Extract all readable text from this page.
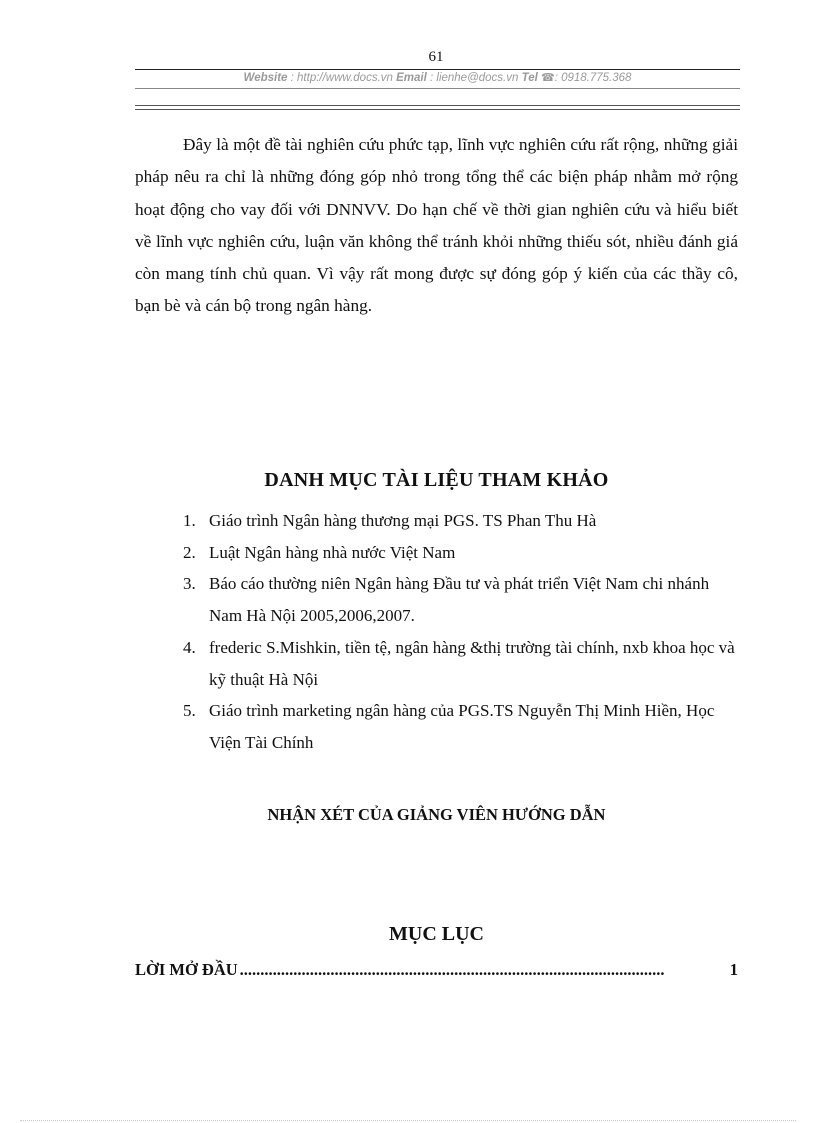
61
Website : http://www.docs.vn Email : lienhe@docs.vn Tel ☎: 0918.775.368

Đây là một đề tài nghiên cứu phức tạp, lĩnh vực nghiên cứu rất rộng, những giải pháp nêu ra chỉ là những đóng góp nhỏ trong tổng thể các biện pháp nhằm mở rộng hoạt động cho vay đối với DNNVV. Do hạn chế về thời gian nghiên cứu và hiểu biết về lĩnh vực nghiên cứu, luận văn không thể tránh khỏi những thiếu sót, nhiều đánh giá còn mang tính chủ quan. Vì vậy rất mong được sự đóng góp ý kiến của các thầy cô, bạn bè và cán bộ trong ngân hàng.

DANH MỤC TÀI LIỆU THAM KHẢO
1. Giáo trình Ngân hàng thương mại PGS. TS Phan Thu Hà
2. Luật Ngân hàng nhà nước Việt Nam
3. Báo cáo thường niên Ngân hàng Đầu tư và phát triển Việt Nam chi nhánh Nam Hà Nội 2005,2006,2007.
4. frederic S.Mishkin, tiền tệ, ngân hàng &thị trường tài chính, nxb khoa học và kỹ thuật Hà Nội
5. Giáo trình marketing ngân hàng của PGS.TS Nguyễn Thị Minh Hiền, Học Viện Tài Chính
NHẬN XÉT CỦA GIẢNG VIÊN HƯỚNG DẪN
MỤC LỤC
LỜI MỞ ĐẦU .......................................................................................................	1
